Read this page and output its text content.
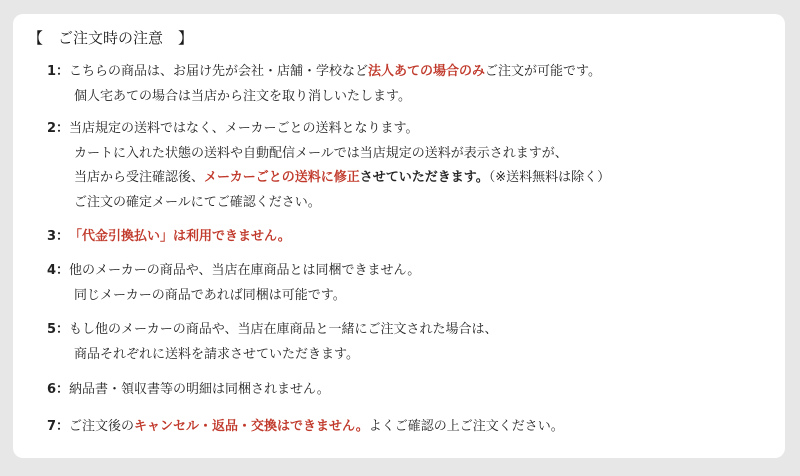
【　ご注文時の注意　】
1：こちらの商品は、お届け先が会社・店舗・学校など法人あての場合のみご注文が可能です。
個人宅あての場合は当店から注文を取り消しいたします。
2：当店規定の送料ではなく、メーカーごとの送料となります。
カートに入れた状態の送料や自動配信メールでは当店規定の送料が表示されますが、
当店から受注確認後、メーカーごとの送料に修正させていただきます。（※送料無料は除く）
ご注文の確定メールにてご確認ください。
3：「代金引換払い」は利用できません。
4：他のメーカーの商品や、当店在庫商品とは同梱できません。
同じメーカーの商品であれば同梱は可能です。
5：もし他のメーカーの商品や、当店在庫商品と一緒にご注文された場合は、
商品それぞれに送料を請求させていただきます。
6：納品書・領収書等の明細は同梱されません。
7：ご注文後のキャンセル・返品・交換はできません。よくご確認の上ご注文ください。
